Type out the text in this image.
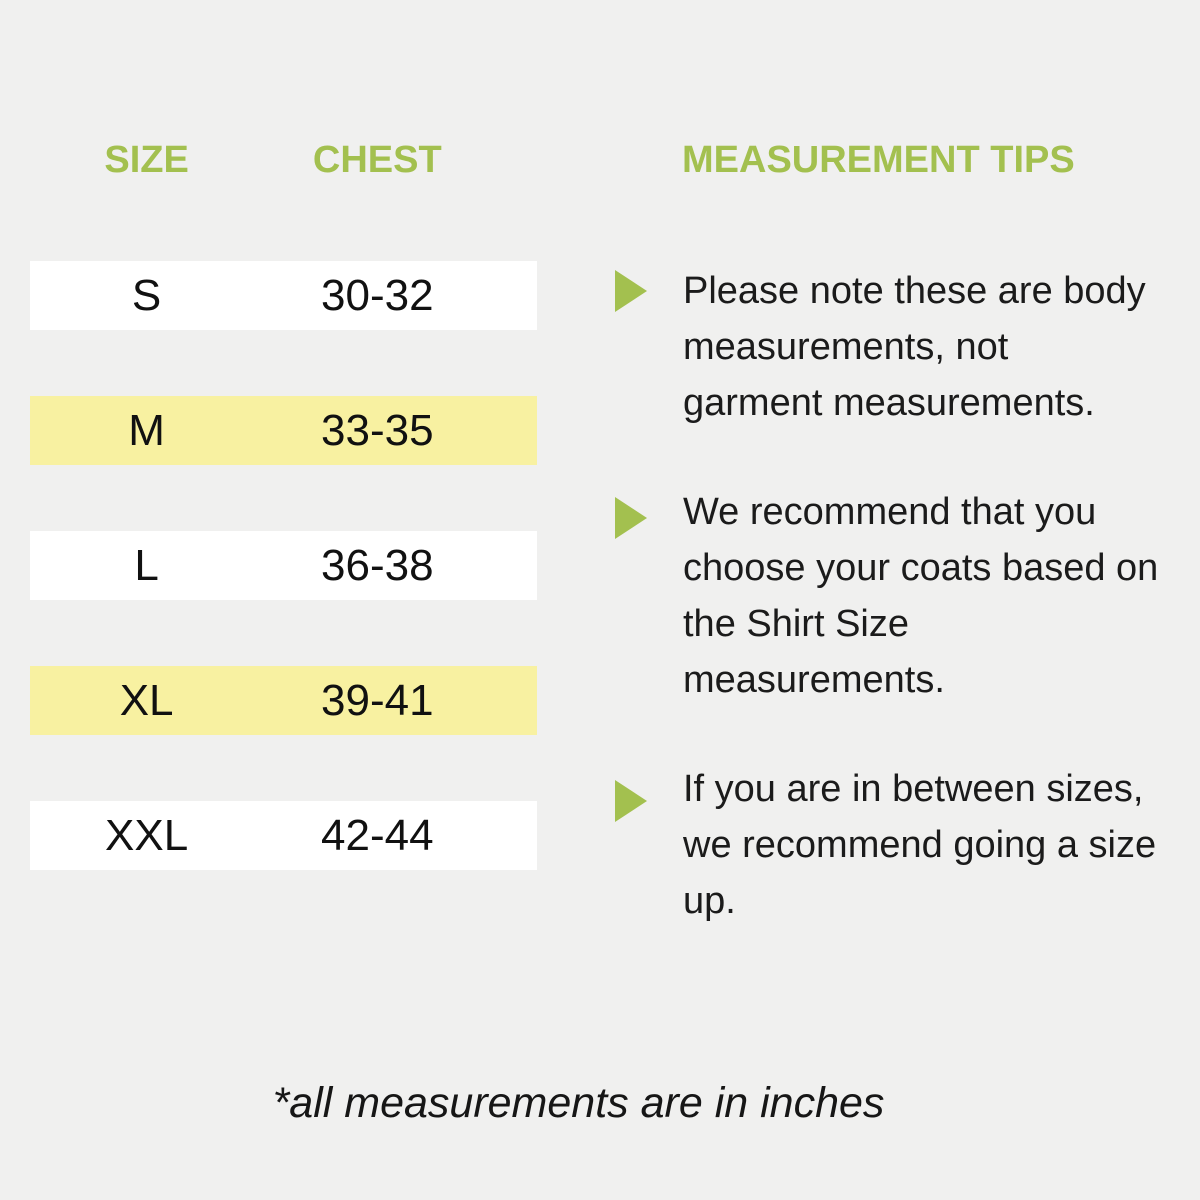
SIZE	CHEST
S	30-32
M	33-35
L	36-38
XL	39-41
XXL	42-44
MEASUREMENT TIPS
Please note these are body
measurements, not
garment measurements.
We recommend that you
choose your coats based on
the Shirt Size
measurements.
If you are in between sizes,
we recommend going a size
up.
*all measurements are in inches
